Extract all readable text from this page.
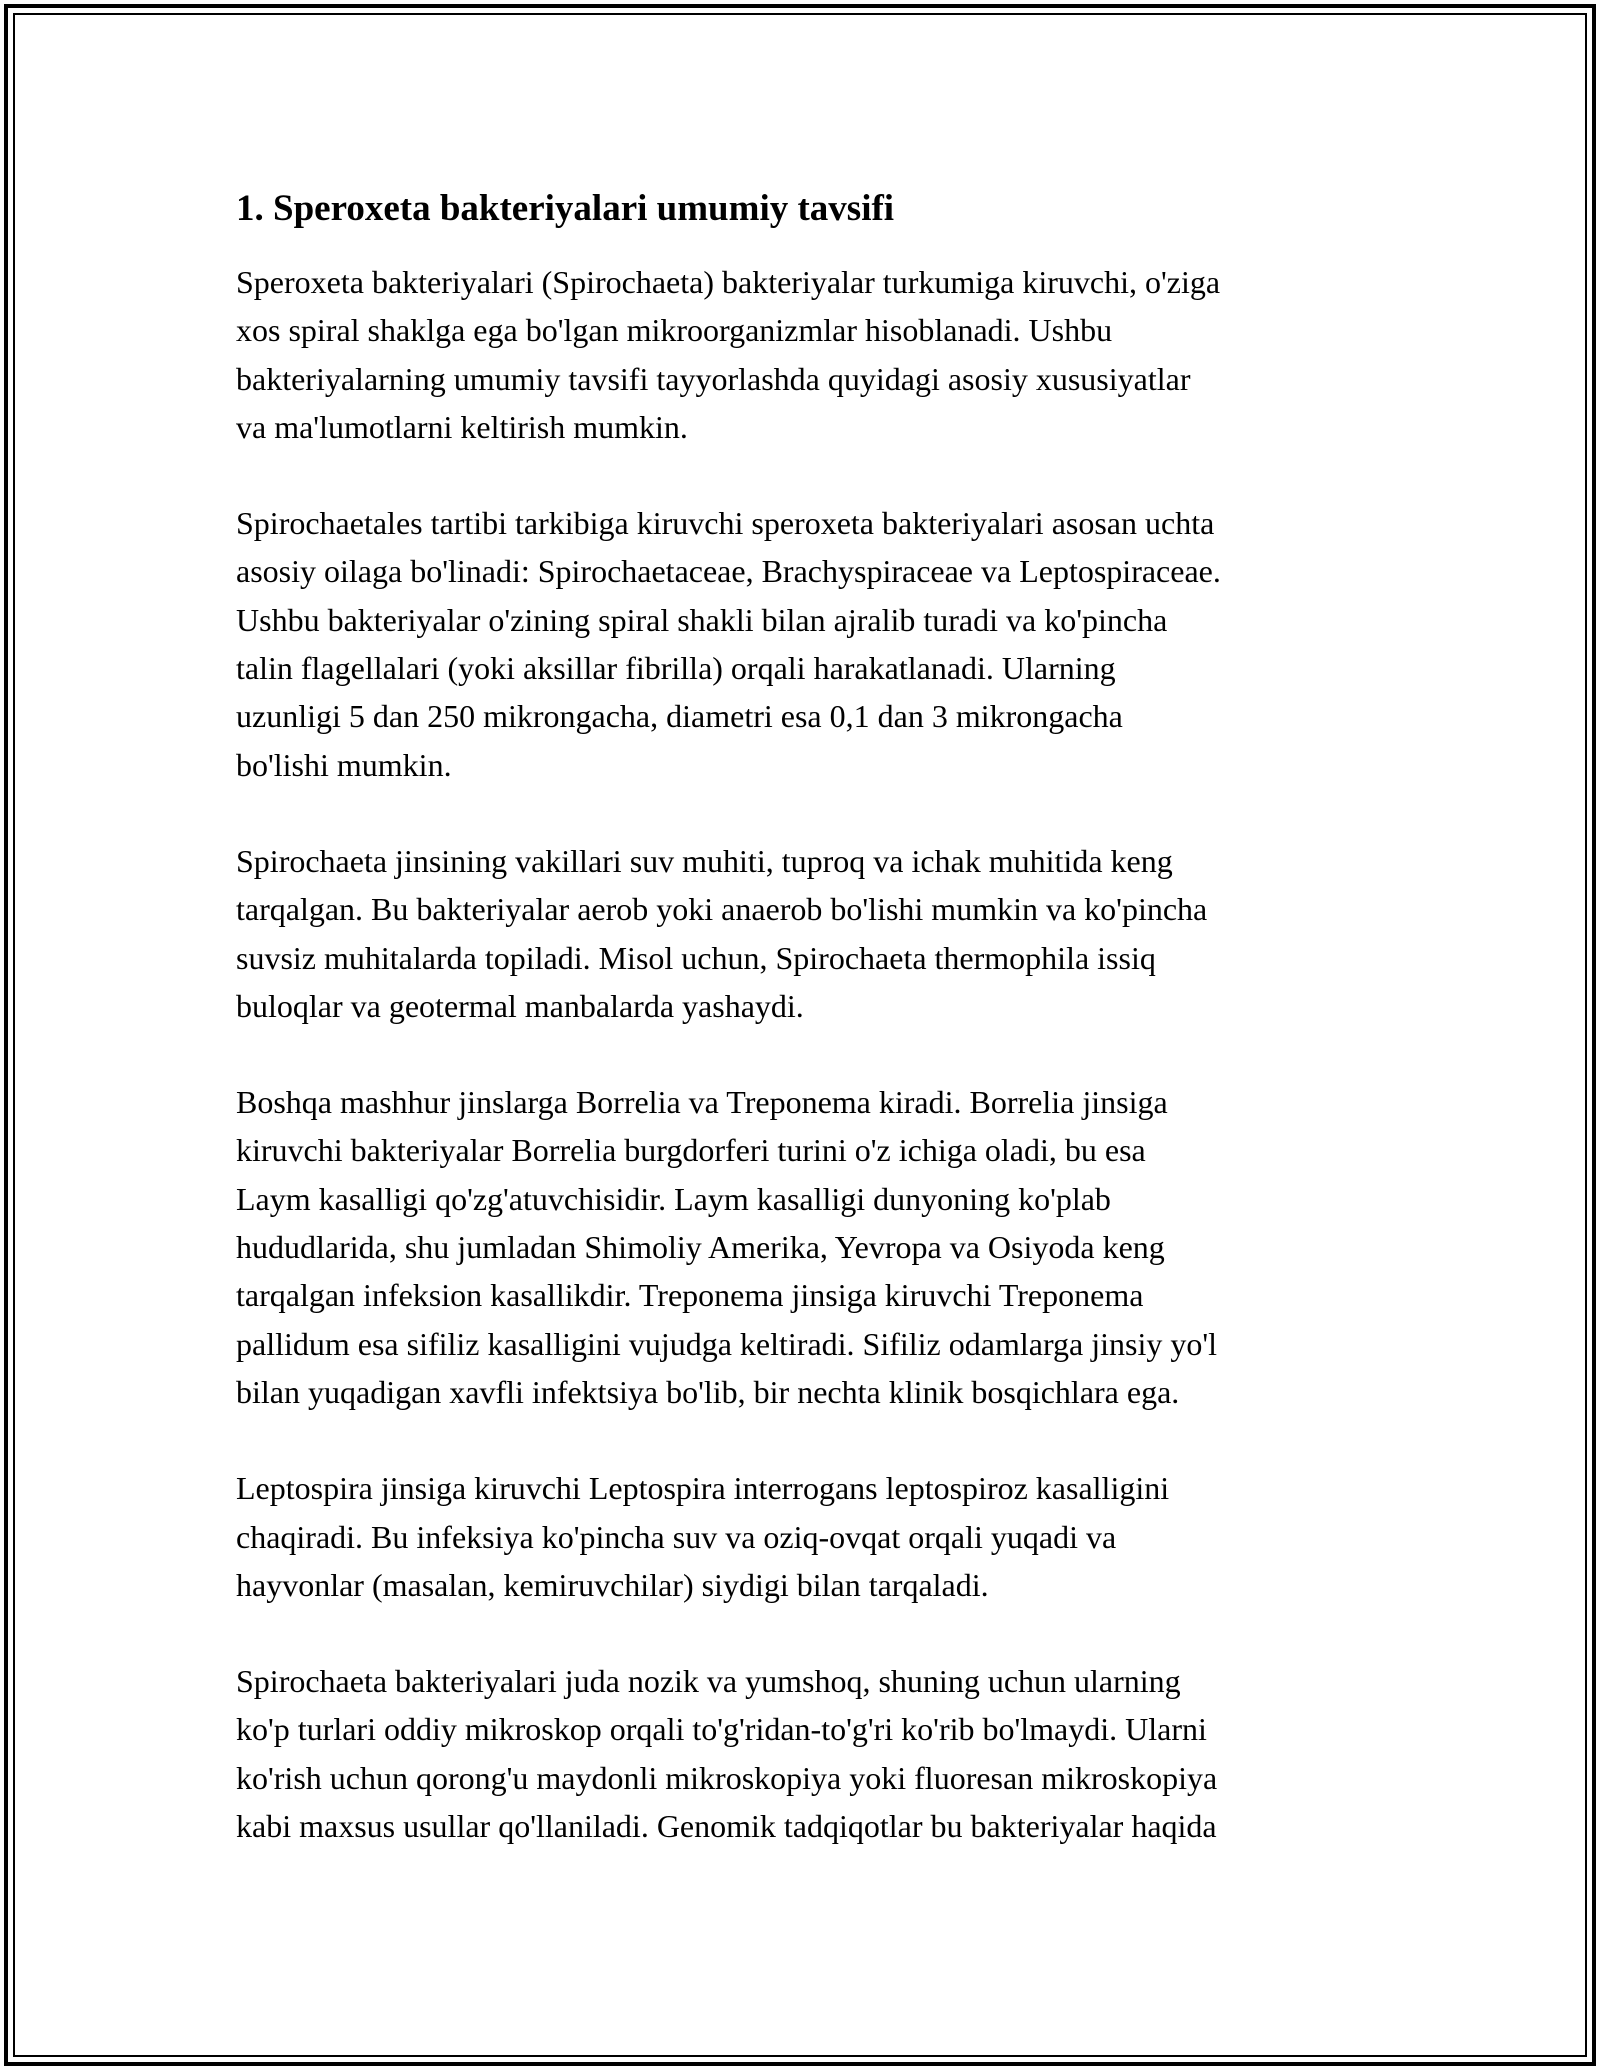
1. Speroxeta bakteriyalari umumiy tavsifi

Speroxeta bakteriyalari (Spirochaeta) bakteriyalar turkumiga kiruvchi, o'ziga
xos spiral shaklga ega bo'lgan mikroorganizmlar hisoblanadi. Ushbu
bakteriyalarning umumiy tavsifi tayyorlashda quyidagi asosiy xususiyatlar
va ma'lumotlarni keltirish mumkin.

Spirochaetales tartibi tarkibiga kiruvchi speroxeta bakteriyalari asosan uchta
asosiy oilaga bo'linadi: Spirochaetaceae, Brachyspiraceae va Leptospiraceae.
Ushbu bakteriyalar o'zining spiral shakli bilan ajralib turadi va ko'pincha
talin flagellalari (yoki aksillar fibrilla) orqali harakatlanadi. Ularning
uzunligi 5 dan 250 mikrongacha, diametri esa 0,1 dan 3 mikrongacha
bo'lishi mumkin.

Spirochaeta jinsining vakillari suv muhiti, tuproq va ichak muhitida keng
tarqalgan. Bu bakteriyalar aerob yoki anaerob bo'lishi mumkin va ko'pincha
suvsiz muhitalarda topiladi. Misol uchun, Spirochaeta thermophila issiq
buloqlar va geotermal manbalarda yashaydi.

Boshqa mashhur jinslarga Borrelia va Treponema kiradi. Borrelia jinsiga
kiruvchi bakteriyalar Borrelia burgdorferi turini o'z ichiga oladi, bu esa
Laym kasalligi qo'zg'atuvchisidir. Laym kasalligi dunyoning ko'plab
hududlarida, shu jumladan Shimoliy Amerika, Yevropa va Osiyoda keng
tarqalgan infeksion kasallikdir. Treponema jinsiga kiruvchi Treponema
pallidum esa sifiliz kasalligini vujudga keltiradi. Sifiliz odamlarga jinsiy yo'l
bilan yuqadigan xavfli infektsiya bo'lib, bir nechta klinik bosqichlara ega.

Leptospira jinsiga kiruvchi Leptospira interrogans leptospiroz kasalligini
chaqiradi. Bu infeksiya ko'pincha suv va oziq-ovqat orqali yuqadi va
hayvonlar (masalan, kemiruvchilar) siydigi bilan tarqaladi.

Spirochaeta bakteriyalari juda nozik va yumshoq, shuning uchun ularning
ko'p turlari oddiy mikroskop orqali to'g'ridan-to'g'ri ko'rib bo'lmaydi. Ularni
ko'rish uchun qorong'u maydonli mikroskopiya yoki fluoresan mikroskopiya
kabi maxsus usullar qo'llaniladi. Genomik tadqiqotlar bu bakteriyalar haqida
